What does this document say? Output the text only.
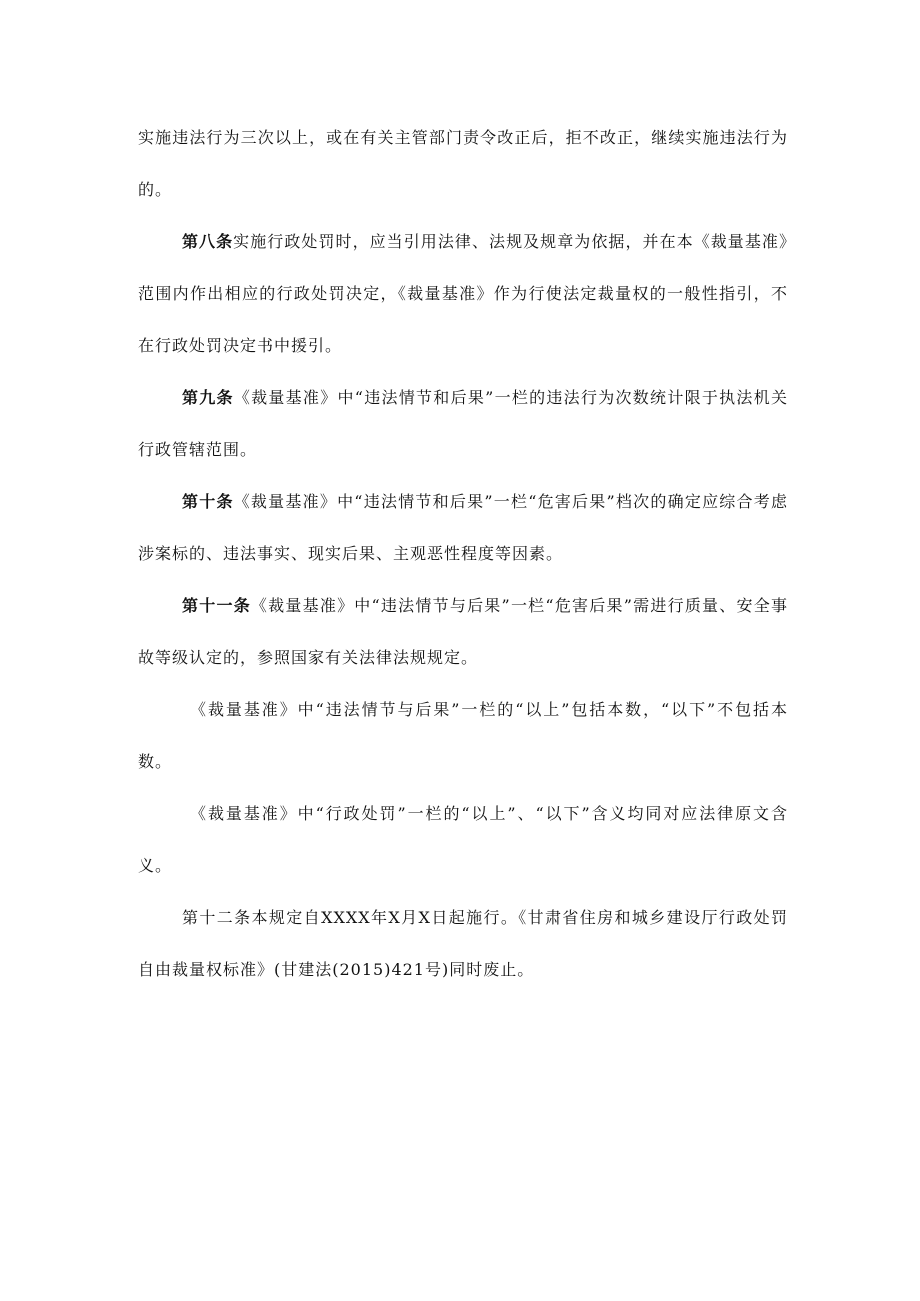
实施违法行为三次以上，或在有关主管部门责令改正后，拒不改正，继续实施违法行为的。

第八条实施行政处罚时，应当引用法律、法规及规章为依据，并在本《裁量基准》范围内作出相应的行政处罚决定，《裁量基准》作为行使法定裁量权的一般性指引，不在行政处罚决定书中援引。

第九条《裁量基准》中“违法情节和后果”一栏的违法行为次数统计限于执法机关行政管辖范围。

第十条《裁量基准》中“违法情节和后果”一栏“危害后果”档次的确定应综合考虑涉案标的、违法事实、现实后果、主观恶性程度等因素。

第十一条《裁量基准》中“违法情节与后果”一栏“危害后果”需进行质量、安全事故等级认定的，参照国家有关法律法规规定。

《裁量基准》中“违法情节与后果”一栏的“以上”包括本数，“以下”不包括本数。

《裁量基准》中“行政处罚”一栏的“以上”、“以下”含义均同对应法律原文含义。

第十二条本规定自XXXX年X月X日起施行。《甘肃省住房和城乡建设厅行政处罚自由裁量权标准》(甘建法(2015)421号)同时废止。
